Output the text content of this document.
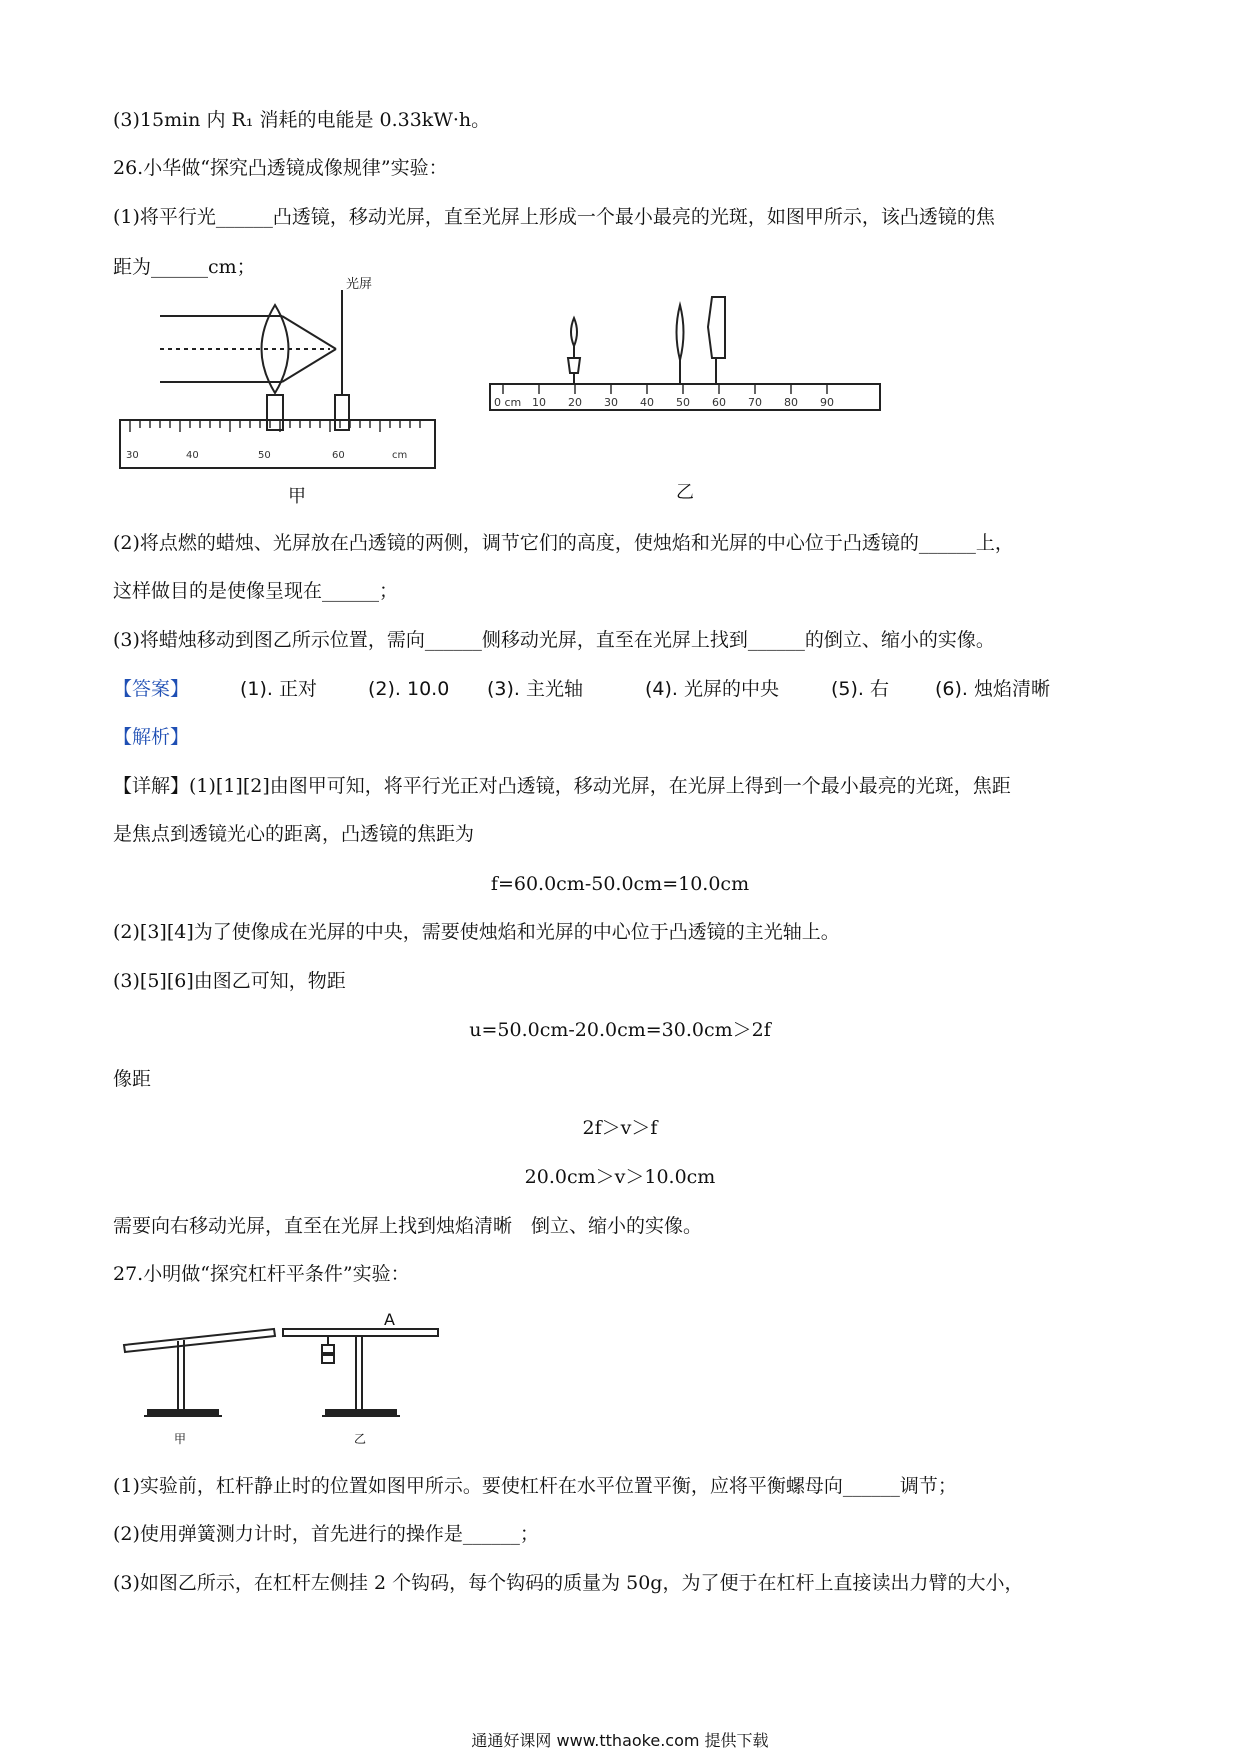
(3)15min 内 R₁ 消耗的电能是 0.33kW·h。
26.小华做“探究凸透镜成像规律”实验：
(1)将平行光______凸透镜，移动光屏，直至光屏上形成一个最小最亮的光斑，如图甲所示，该凸透镜的焦
距为______cm；
光屏
30	40	50	60	cm
甲
0 cm 10 20 30 40 50 60 70 80 90
乙
(2)将点燃的蜡烛、光屏放在凸透镜的两侧，调节它们的高度，使烛焰和光屏的中心位于凸透镜的______上，
这样做目的是使像呈现在______；
(3)将蜡烛移动到图乙所示位置，需向______侧移动光屏，直至在光屏上找到______的倒立、缩小的实像。
【答案】	(1). 正对	(2). 10.0 (3). 主光轴	(4). 光屏的中央	(5). 右 (6). 烛焰清晰
【解析】
【详解】(1)[1][2]由图甲可知，将平行光正对凸透镜，移动光屏，在光屏上得到一个最小最亮的光斑，焦距
是焦点到透镜光心的距离，凸透镜的焦距为
f=60.0cm-50.0cm=10.0cm
(2)[3][4]为了使像成在光屏的中央，需要使烛焰和光屏的中心位于凸透镜的主光轴上。
(3)[5][6]由图乙可知，物距
u=50.0cm-20.0cm=30.0cm＞2f
像距
2f＞v＞f
20.0cm＞v＞10.0cm
需要向右移动光屏，直至在光屏上找到烛焰清晰　倒立、缩小的实像。
27.小明做“探究杠杆平条件”实验：
A
甲	乙
(1)实验前，杠杆静止时的位置如图甲所示。要使杠杆在水平位置平衡，应将平衡螺母向______调节；
(2)使用弹簧测力计时，首先进行的操作是______；
(3)如图乙所示，在杠杆左侧挂 2 个钩码，每个钩码的质量为 50g，为了便于在杠杆上直接读出力臂的大小，
通通好课网 www.tthaoke.com 提供下载
